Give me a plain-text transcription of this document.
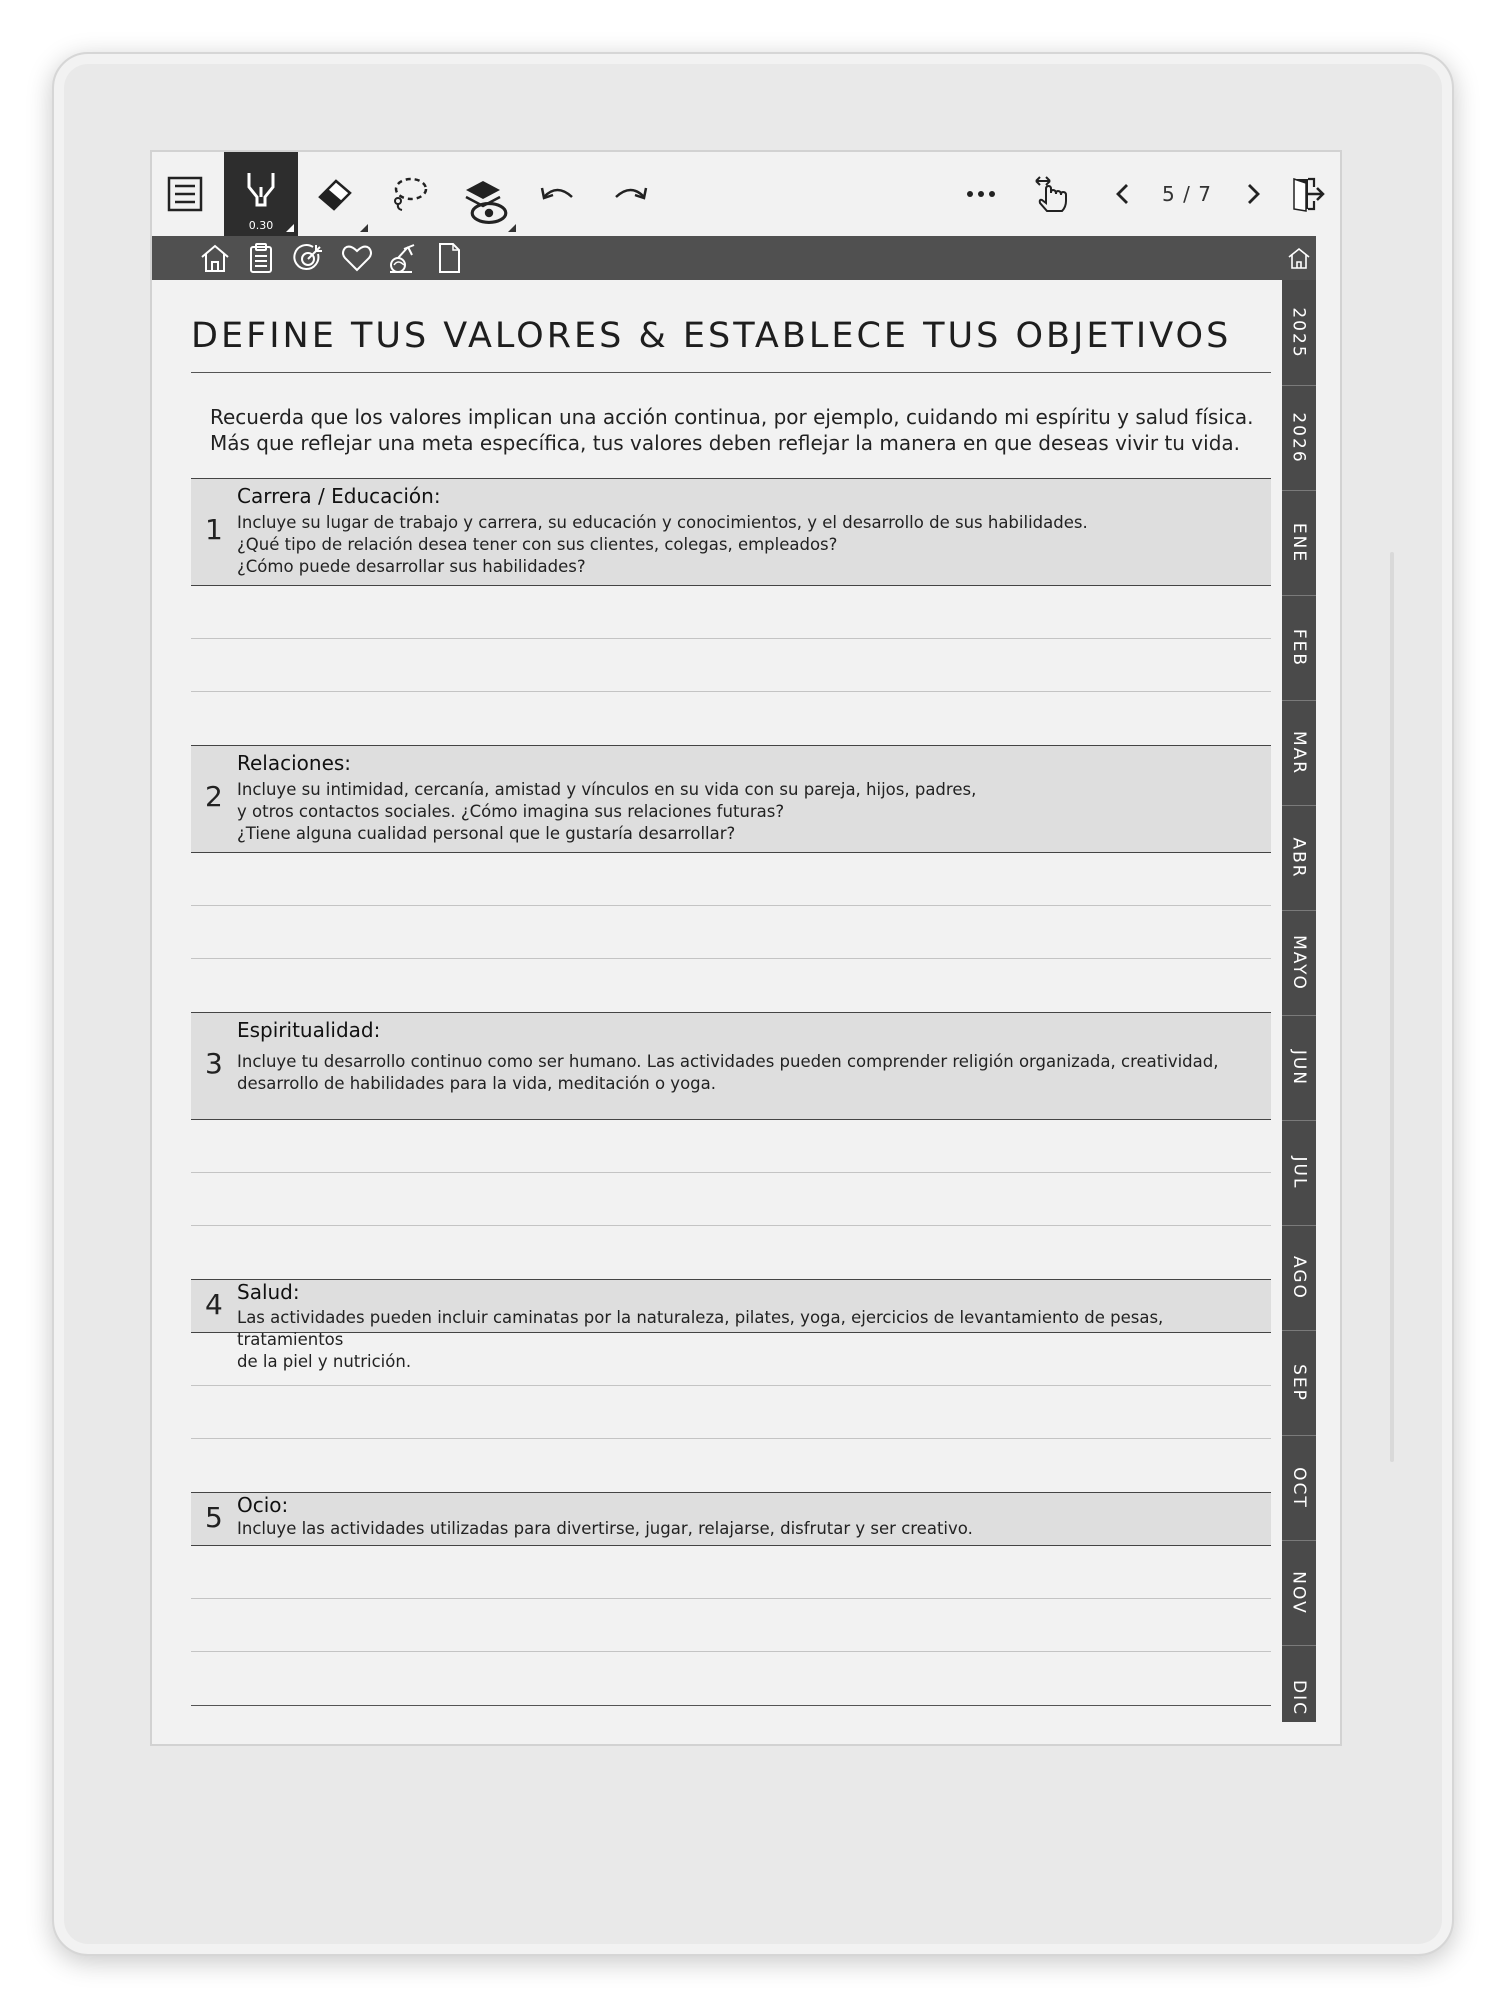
0.30
5 / 7
2025
2026
ENE
FEB
MAR
ABR
MAYO
JUN
JUL
AGO
SEP
OCT
NOV
DIC
DEFINE TUS VALORES & ESTABLECE TUS OBJETIVOS
Recuerda que los valores implican una acción continua, por ejemplo, cuidando mi espíritu y salud física.
Más que reflejar una meta específica, tus valores deben reflejar la manera en que deseas vivir tu vida.
1
Carrera / Educación:
Incluye su lugar de trabajo y carrera, su educación y conocimientos, y el desarrollo de sus habilidades.
¿Qué tipo de relación desea tener con sus clientes, colegas, empleados?
¿Cómo puede desarrollar sus habilidades?
2
Relaciones:
Incluye su intimidad, cercanía, amistad y vínculos en su vida con su pareja, hijos, padres,
y otros contactos sociales. ¿Cómo imagina sus relaciones futuras?
¿Tiene alguna cualidad personal que le gustaría desarrollar?
3
Espiritualidad:
Incluye tu desarrollo continuo como ser humano. Las actividades pueden comprender religión organizada, creatividad,
desarrollo de habilidades para la vida, meditación o yoga.
4 Salud:
Las actividades pueden incluir caminatas por la naturaleza, pilates, yoga, ejercicios de levantamiento de pesas, tratamientos
de la piel y nutrición.
5 Ocio:
Incluye las actividades utilizadas para divertirse, jugar, relajarse, disfrutar y ser creativo.
